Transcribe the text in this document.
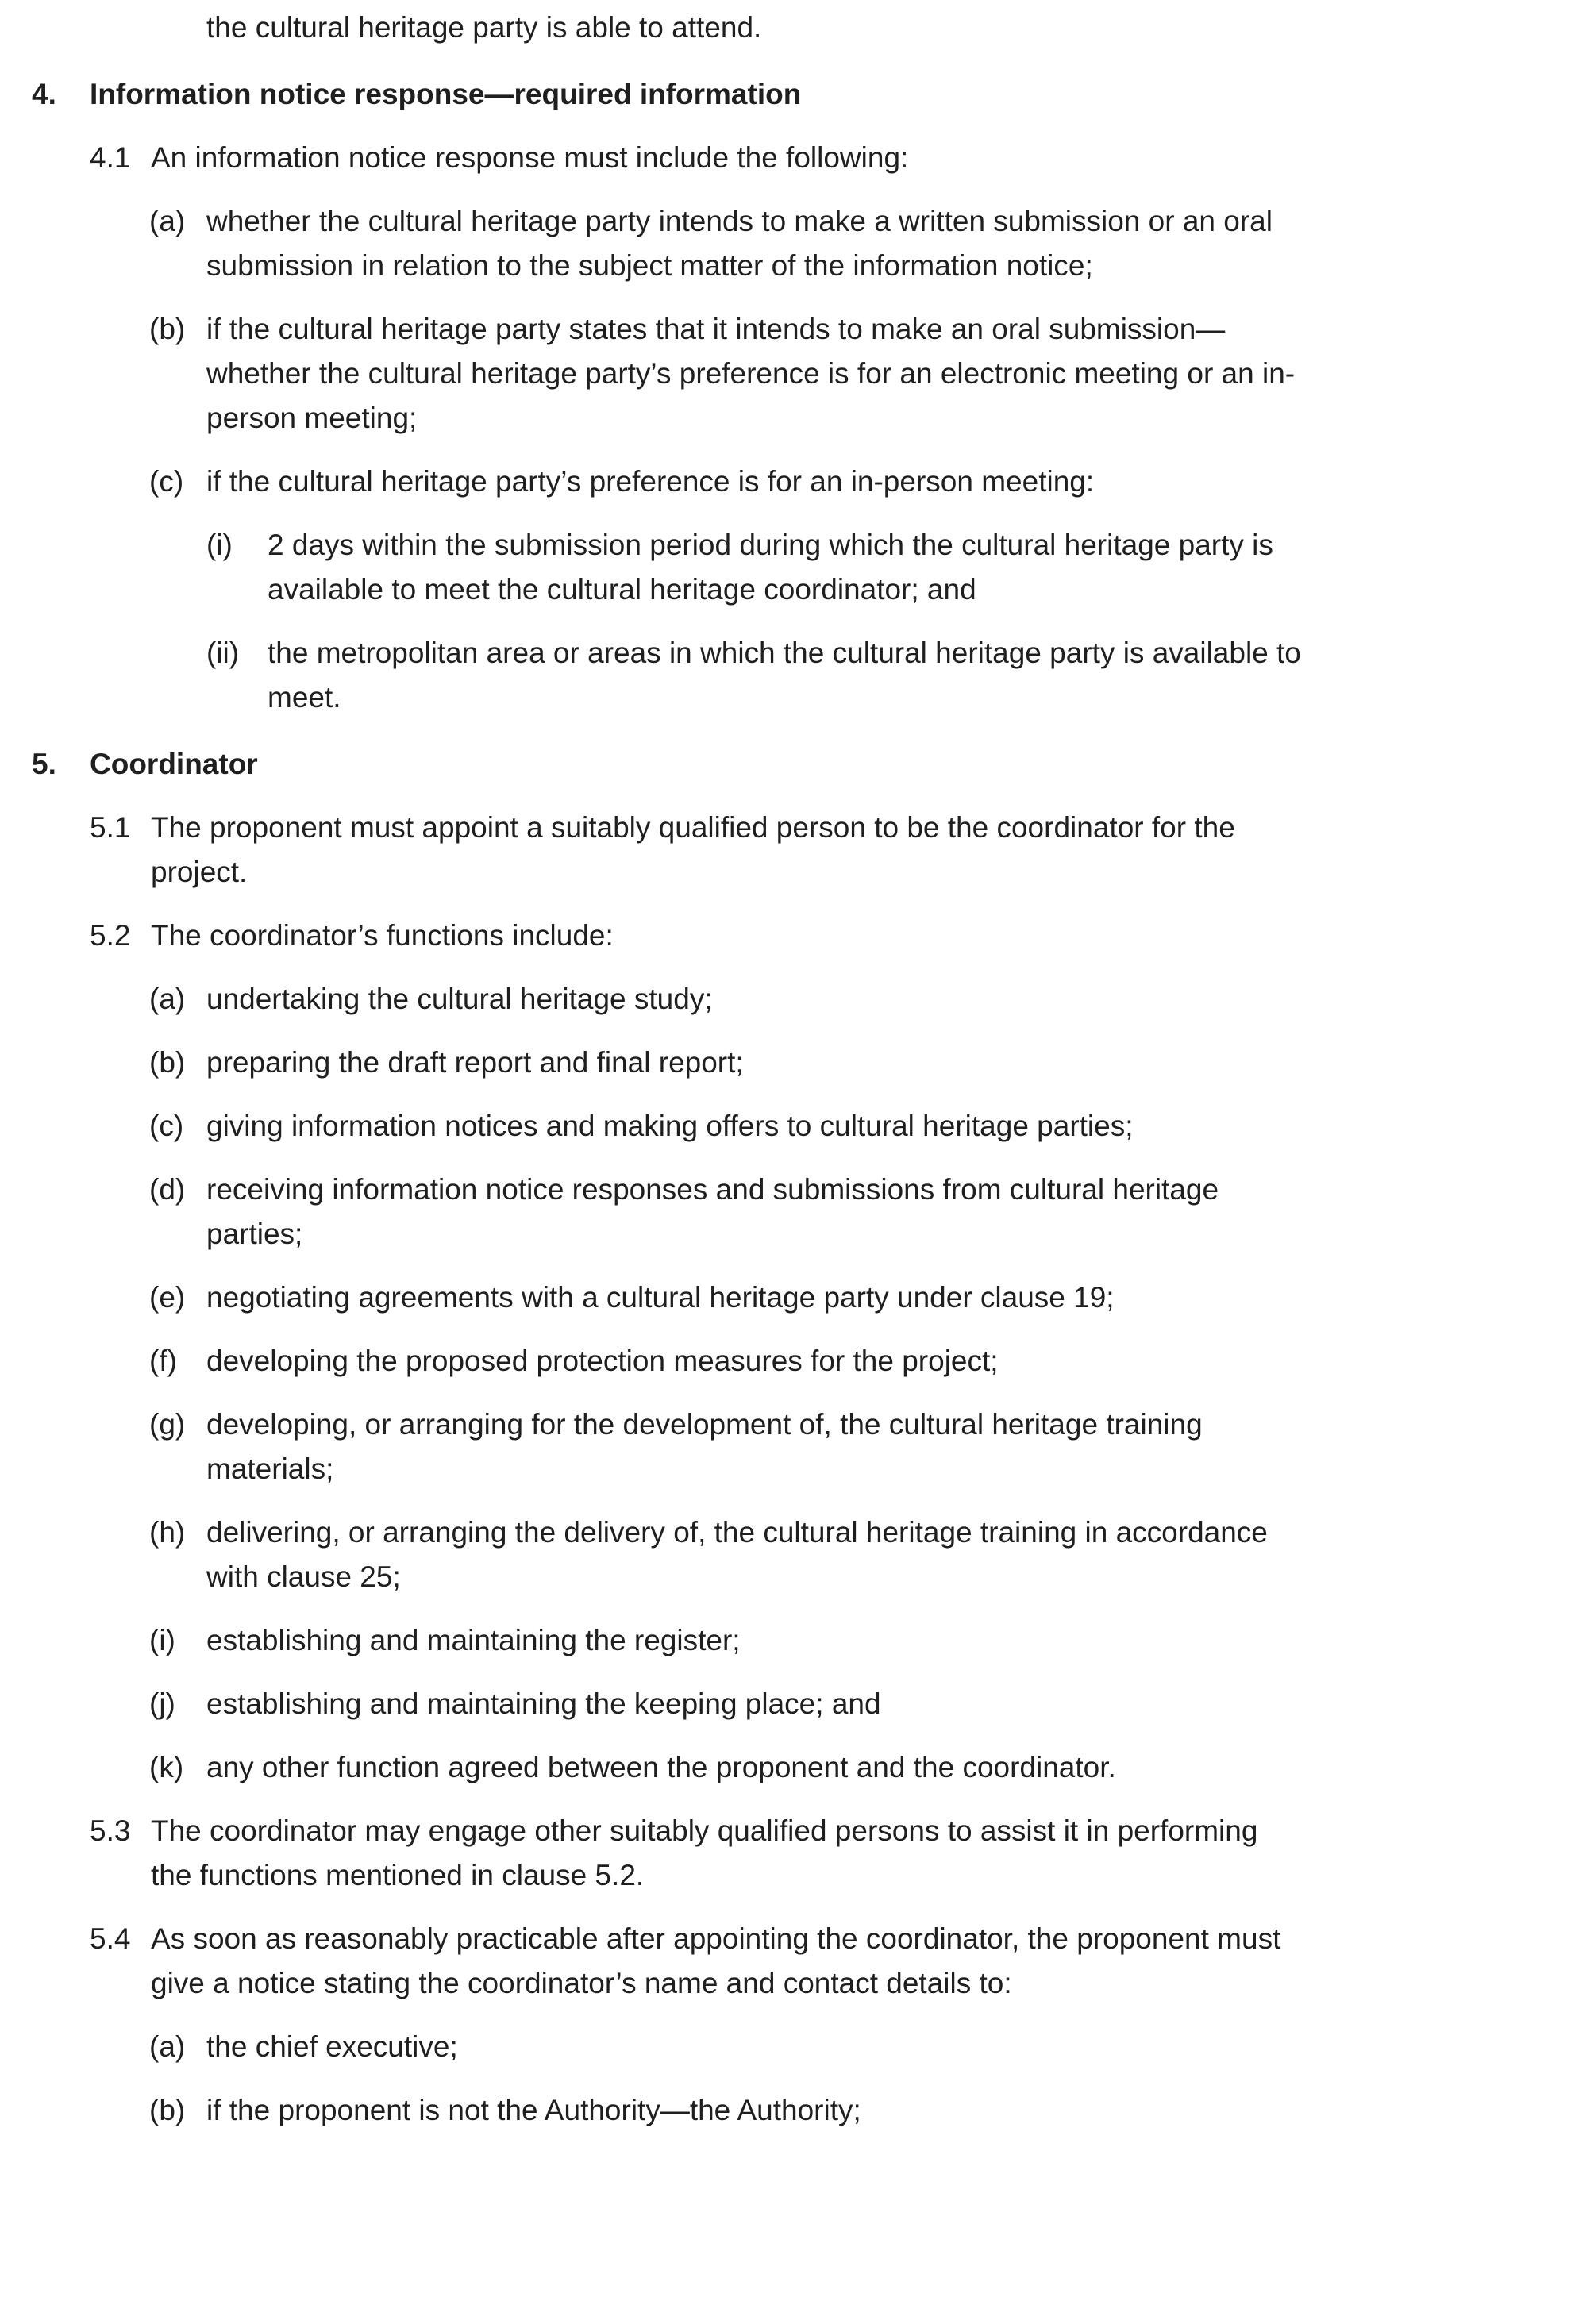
the cultural heritage party is able to attend.
4. Information notice response—required information
4.1 An information notice response must include the following:
(a) whether the cultural heritage party intends to make a written submission or an oral
submission in relation to the subject matter of the information notice;
(b) if the cultural heritage party states that it intends to make an oral submission—
whether the cultural heritage party’s preference is for an electronic meeting or an in-
person meeting;
(c) if the cultural heritage party’s preference is for an in-person meeting:
(i) 2 days within the submission period during which the cultural heritage party is
available to meet the cultural heritage coordinator; and
(ii) the metropolitan area or areas in which the cultural heritage party is available to
meet.
5. Coordinator
5.1 The proponent must appoint a suitably qualified person to be the coordinator for the
project.
5.2 The coordinator’s functions include:
(a) undertaking the cultural heritage study;
(b) preparing the draft report and final report;
(c) giving information notices and making offers to cultural heritage parties;
(d) receiving information notice responses and submissions from cultural heritage
parties;
(e) negotiating agreements with a cultural heritage party under clause 19;
(f) developing the proposed protection measures for the project;
(g) developing, or arranging for the development of, the cultural heritage training
materials;
(h) delivering, or arranging the delivery of, the cultural heritage training in accordance
with clause 25;
(i) establishing and maintaining the register;
(j) establishing and maintaining the keeping place; and
(k) any other function agreed between the proponent and the coordinator.
5.3 The coordinator may engage other suitably qualified persons to assist it in performing
the functions mentioned in clause 5.2.
5.4 As soon as reasonably practicable after appointing the coordinator, the proponent must
give a notice stating the coordinator’s name and contact details to:
(a) the chief executive;
(b) if the proponent is not the Authority—the Authority;
